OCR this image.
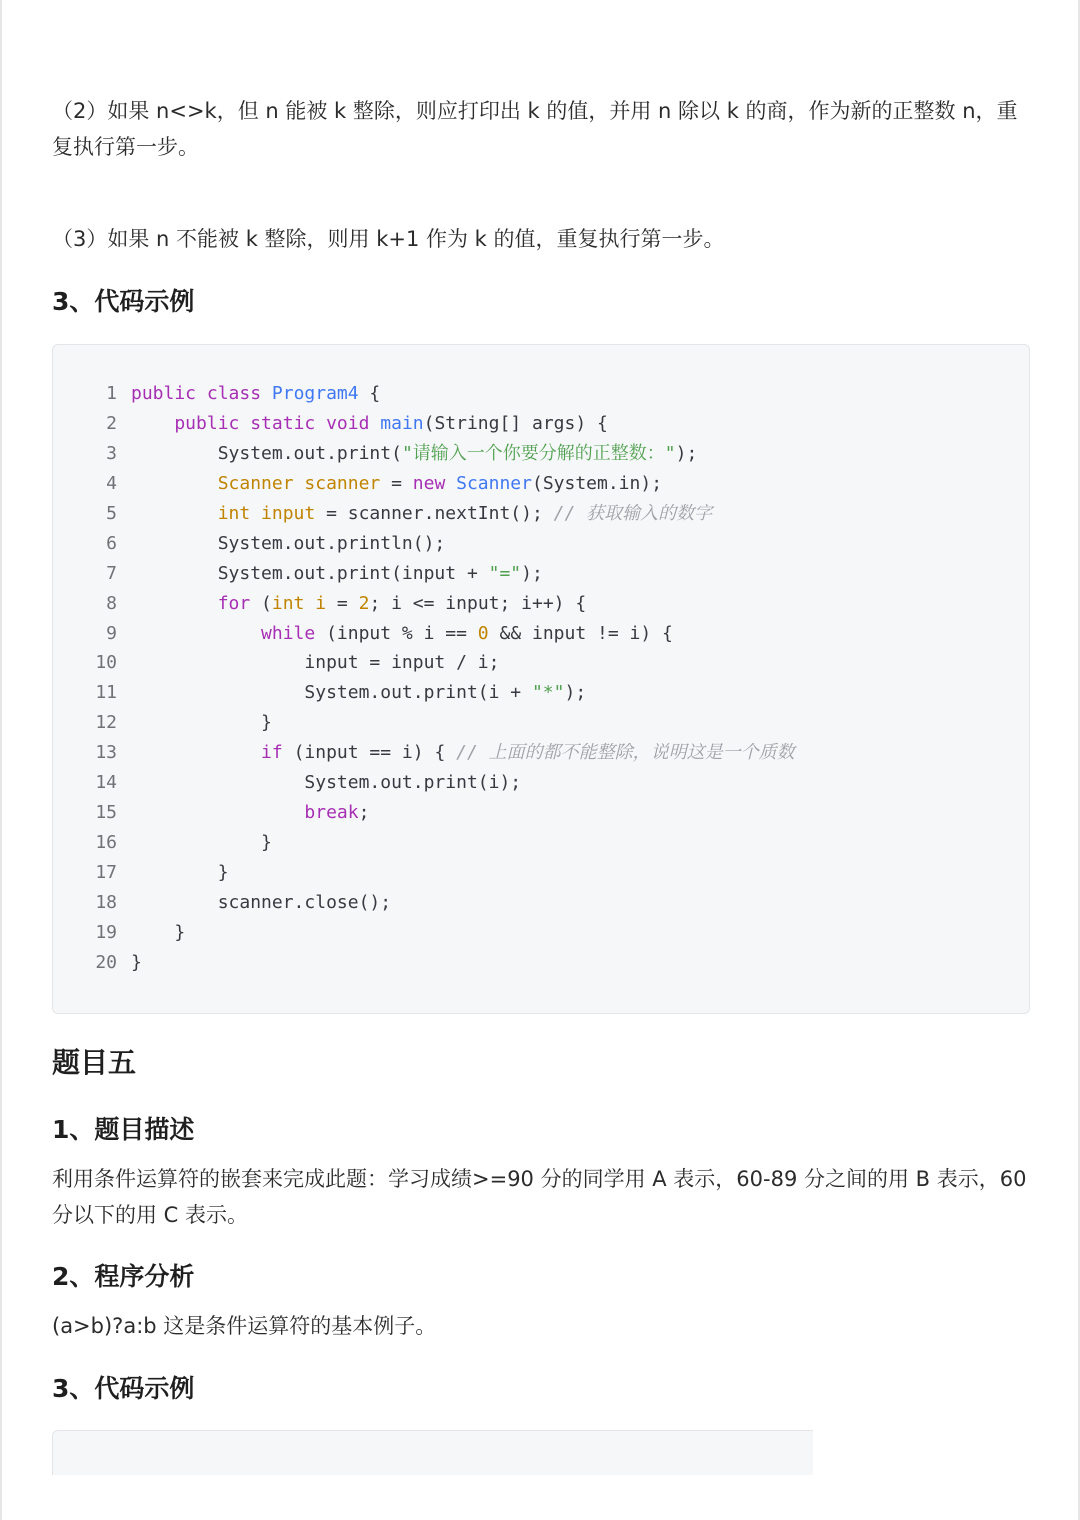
（2）如果 n<>k，但 n 能被 k 整除，则应打印出 k 的值，并用 n 除以 k 的商，作为新的正整数 n，重
复执行第一步。

（3）如果 n 不能被 k 整除，则用 k+1 作为 k 的值，重复执行第一步。

3、代码示例
1 public class Program4 {
2    public static void main(String[] args) {
3        System.out.print("请输入一个你要分解的正整数：");
4        Scanner scanner = new Scanner(System.in);
5        int input = scanner.nextInt(); // 获取输入的数字
6        System.out.println();
7        System.out.print(input + "=");
8        for (int i = 2; i <= input; i++) {
9            while (input % i == 0 && input != i) {
10                input = input / i;
11                System.out.print(i + "*");
12            }
13            if (input == i) { // 上面的都不能整除，说明这是一个质数
14                System.out.print(i);
15                break;
16            }
17        }
18        scanner.close();
19    }
20 }
题目五
1、题目描述

利用条件运算符的嵌套来完成此题：学习成绩>=90 分的同学用 A 表示，60-89 分之间的用 B 表示，60
分以下的用 C 表示。

2、程序分析

(a>b)?a:b 这是条件运算符的基本例子。

3、代码示例
